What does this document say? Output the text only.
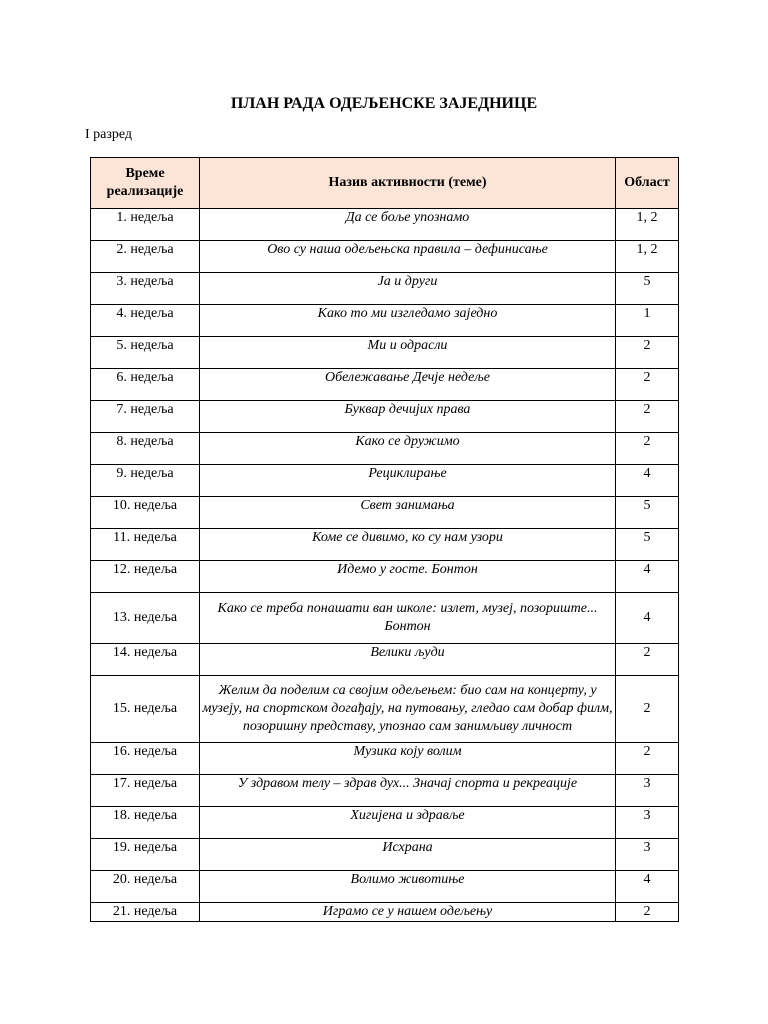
ПЛАН РАДА ОДЕЉЕНСКЕ ЗАЈЕДНИЦЕ
I разред
Време
реализације	Назив активности (теме)	Област
1. недеља	Да се боље упознамо	1, 2
2. недеља	Ово су наша одељењска правила – дефинисање	1, 2
3. недеља	Ја и други	5
4. недеља	Како то ми изгледамо заједно	1
5. недеља	Ми и одрасли	2
6. недеља	Обележавање Дечје недеље	2
7. недеља	Буквар дечијих права	2
8. недеља	Како се дружимо	2
9. недеља	Рециклирање	4
10. недеља	Свет занимања	5
11. недеља	Коме се дивимо, ко су нам узори	5
12. недеља	Идемо у госте. Бонтон	4
13. недеља	Како се треба понашати ван школе: излет, музеј, позориште... Бонтон	4
14. недеља	Велики људи	2
15. недеља	Желим да поделим са својим одељењем: био сам на концерту, у музеју, на спортском догађају, на путовању, гледао сам добар филм, позоришну представу, упознао сам занимљиву личност	2
16. недеља	Музика коју волим	2
17. недеља	У здравом телу – здрав дух... Значај спорта и рекреације	3
18. недеља	Хигијена и здравље	3
19. недеља	Исхрана	3
20. недеља	Волимо животиње	4
21. недеља	Играмо се у нашем одељењу	2
